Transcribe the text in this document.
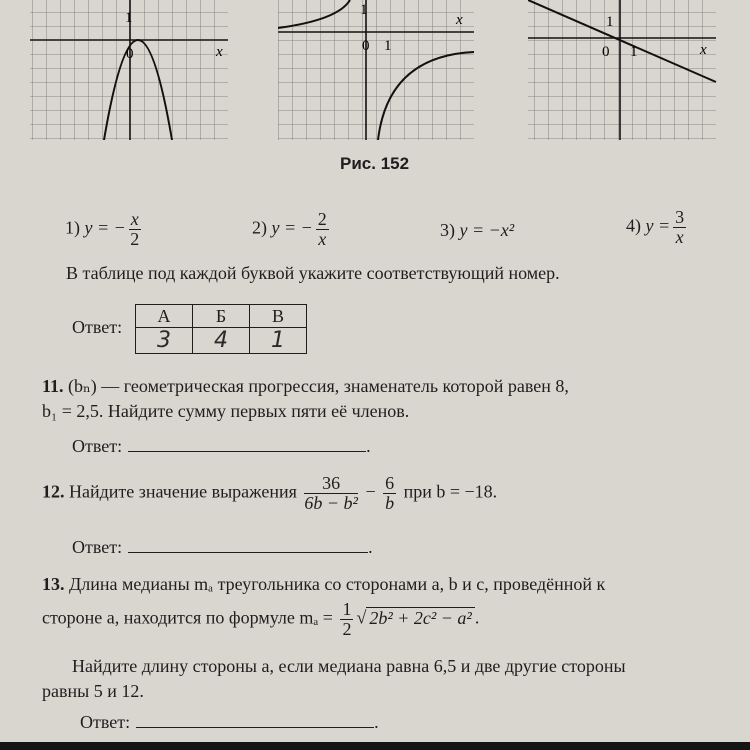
1
0	x
1
0 1
x	1
0 1	x
Рис. 152
1) y = − $\frac{x}{2}$	2) y = − $\frac{2}{x}$	3) y = −x²	4) $y = \frac{3}{x}$
В таблице под каждой буквой укажите соответствующий номер.
Ответ:
А	Б	В
3	4	1
11. (bₙ) — геометрическая прогрессия, знаменатель которой равен 8,
b₁ = 2,5. Найдите сумму первых пяти её членов.
Ответ:	.
12. Найдите значение выражения $\frac{36}{\text{6b − b²}} - \frac{6}{b}$ при b = −18.
Ответ:	.
13. Длина медианы mₐ треугольника со сторонами a, b и c, проведённой к
стороне a, находится по формуле $m_a = \frac{1}{2}$ √ 2b² + 2c² − a² .
Найдите длину стороны a, если медиана равна 6,5 и две другие стороны
равны 5 и 12.
Ответ:	.
